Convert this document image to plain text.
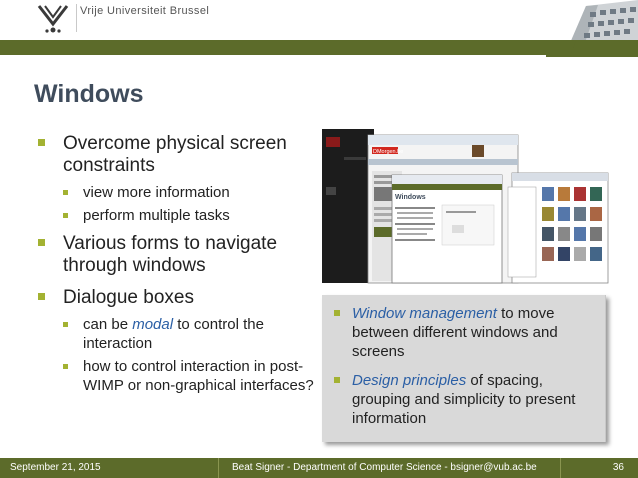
Vrije Universiteit Brussel
Windows
Overcome physical screen constraints
view more information
perform multiple tasks
Various forms to navigate through windows
Dialogue boxes
can be modal to control the interaction
how to control interaction in post-WIMP or non-graphical interfaces?
DMorgen.be
Windows
Window management to move between different windows and screens
Design principles of spacing, grouping and simplicity to present information
September 21, 2015	Beat Signer - Department of Computer Science - bsigner@vub.ac.be	36
